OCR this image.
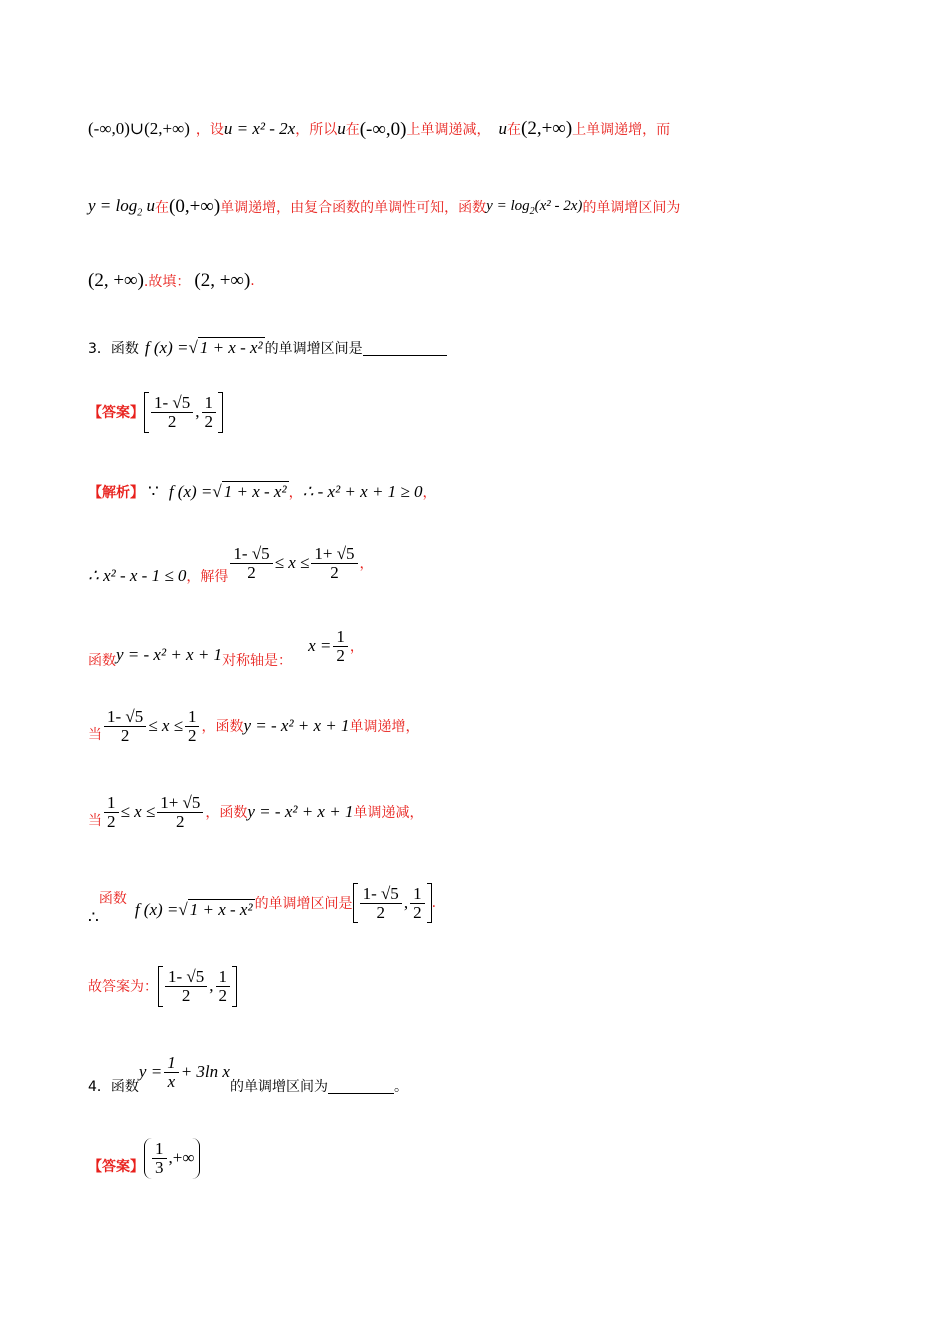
(-∞,0)∪(2,+∞) ，设 u = x² - 2x ，所以 u 在 (-∞,0) 上单调递减， u 在 (2,+∞) 上单调递增，而
$y = \log_2 u$ 在 (0,+∞) 单调递增，由复合函数的单调性可知，函数 $y = \log_2(x^2 - 2x)$ 的单调增区间为
(2, +∞) .故填： (2, +∞) .
3．函数 f (x) = √ 1 + x - x² 的单调增区间是
【答案】 $\frac{1- √5}{2}$ , $\frac{1}{2}$
【解析】 ∵ f (x) = √ 1 + x - x² ， ∴ - x² + x + 1 ≥ 0 ，
∴ x² - x - 1 ≤ 0 ，解得 $\frac{1- √5}{2} \le x \le \frac{1+ √5}{2}$ ，
函数 y = - x² + x + 1 对称轴是：
$x = \frac{1}{2}$ ，
当 $\frac{1- √5}{2} \le x \le \frac{1}{2}$ ，函数 y = - x² + x + 1 单调递增，
当 $\frac{1}{2} \le x \le \frac{1+ √5}{2}$ ，函数 y = - x² + x + 1 单调递减，
∴
函数
f (x) = √ 1 + x - x² 的单调增区间是 $\frac{1- √5}{2}$ , $\frac{1}{2}$ .
故答案为： $\frac{1- √5}{2}$ , $\frac{1}{2}$
4．函数
$y = \frac{1}{x} + 3\ln$ x
的单调增区间为	。
【答案】 $\frac{1}{3}$ ,+∞
